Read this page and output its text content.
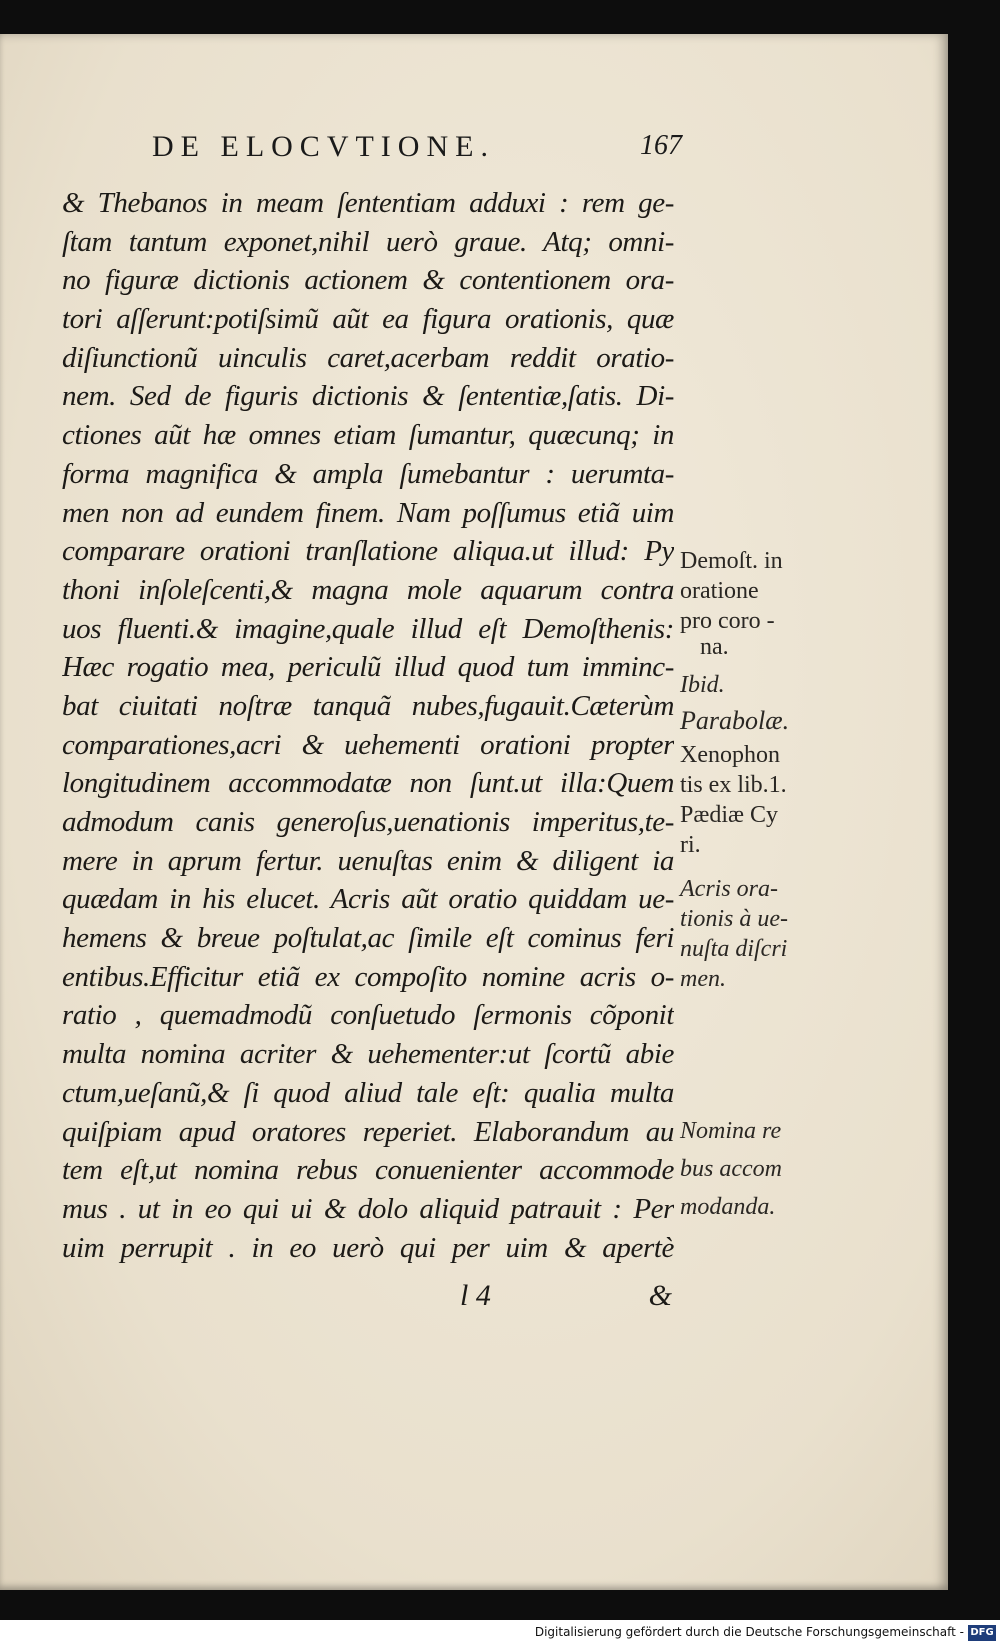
DE ELOCVTIONE.	167
& Thebanos in meam ſententiam adduxi : rem ge-
ſtam tantum exponet,nihil uerò graue. Atq; omni-
no figuræ dictionis actionem & contentionem ora-
tori aſſerunt:potiſsimũ aũt ea figura orationis, quæ
diſiunctionũ uinculis caret,acerbam reddit oratio-
nem. Sed de figuris dictionis & ſententiæ,ſatis. Di-
ctiones aũt hæ omnes etiam ſumantur, quæcunq; in
forma magnifica & ampla ſumebantur : uerumta-
men non ad eundem finem. Nam poſſumus etiã uim
comparare orationi tranſlatione aliqua.ut illud: Py
thoni inſoleſcenti,& magna mole aquarum contra
uos fluenti.& imagine,quale illud eſt Demoſthenis:
Hæc rogatio mea, periculũ illud quod tum imminc-
bat ciuitati noſtræ tanquã nubes,fugauit.Cæterùm
comparationes,acri & uehementi orationi propter
longitudinem accommodatæ non ſunt.ut illa:Quem
admodum canis generoſus,uenationis imperitus,te-
mere in aprum fertur. uenuſtas enim & diligent ia
quædam in his elucet. Acris aũt oratio quiddam ue-
hemens & breue poſtulat,ac ſimile eſt cominus feri
entibus.Efficitur etiã ex compoſito nomine acris o-
ratio , quemadmodũ conſuetudo ſermonis cõponit
multa nomina acriter & uehementer:ut ſcortũ abie
ctum,ueſanũ,& ſi quod aliud tale eſt: qualia multa
quiſpiam apud oratores reperiet. Elaborandum au
tem eſt,ut nomina rebus conuenienter accommode
mus . ut in eo qui ui & dolo aliquid patrauit : Per
uim perrupit . in eo uerò qui per uim & apertè
Demoſt. in
oratione
pro coro -
na.
Ibid.
Parabolæ.
Xenophon
tis ex lib.1.
Pædiæ Cy
ri.
Acris ora-
tionis à ue-
nuſta diſcri
men.
Nomina re
bus accom
modanda.
l 4	&
Digitalisierung gefördert durch die Deutsche Forschungsgemeinschaft - DFG
